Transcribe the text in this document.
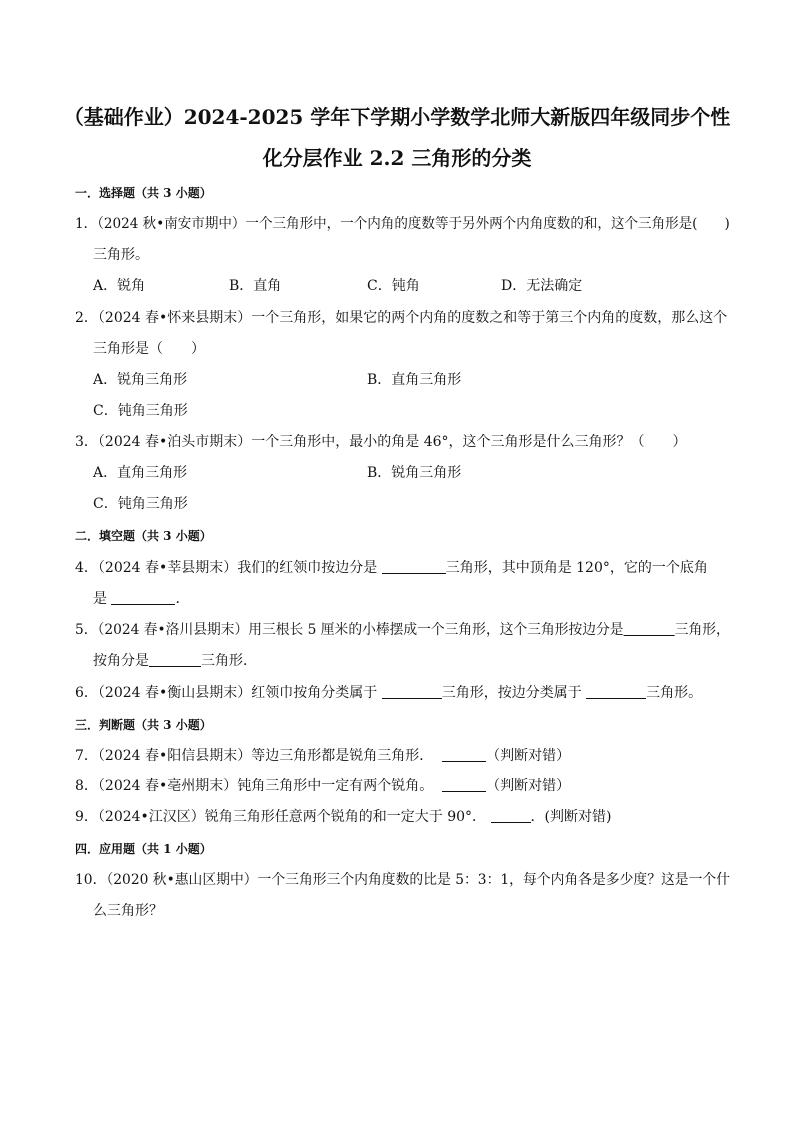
（基础作业）2024-2025 学年下学期小学数学北师大新版四年级同步个性
化分层作业 2.2 三角形的分类
一．选择题（共 3 小题）
1．（2024 秋•南安市期中）一个三角形中，一个内角的度数等于另外两个内角度数的和，这个三角形是(　　)
三角形。
A．锐角	B．直角	C．钝角	D．无法确定
2．（2024 春•怀来县期末）一个三角形，如果它的两个内角的度数之和等于第三个内角的度数，那么这个
三角形是（　　）
A．锐角三角形	B．直角三角形
C．钝角三角形
3．（2024 春•泊头市期末）一个三角形中，最小的角是 46°，这个三角形是什么三角形？（　　）
A．直角三角形	B．锐角三角形
C．钝角三角形
二．填空题（共 3 小题）
4．（2024 春•莘县期末）我们的红领巾按边分是	三角形，其中顶角是 120°，它的一个底角
是	．
5．（2024 春•洛川县期末）用三根长 5 厘米的小棒摆成一个三角形，这个三角形按边分是	三角形，
按角分是	三角形．
6．（2024 春•衡山县期末）红领巾按角分类属于	三角形，按边分类属于	三角形。
三．判断题（共 3 小题）
7．（2024 春•阳信县期末）等边三角形都是锐角三角形．	（判断对错）
8．（2024 春•亳州期末）钝角三角形中一定有两个锐角。	（判断对错）
9．（2024•江汉区）锐角三角形任意两个锐角的和一定大于 90°．	．(判断对错)
四．应用题（共 1 小题）
10．（2020 秋•惠山区期中）一个三角形三个内角度数的比是 5：3：1，每个内角各是多少度？这是一个什
么三角形？
